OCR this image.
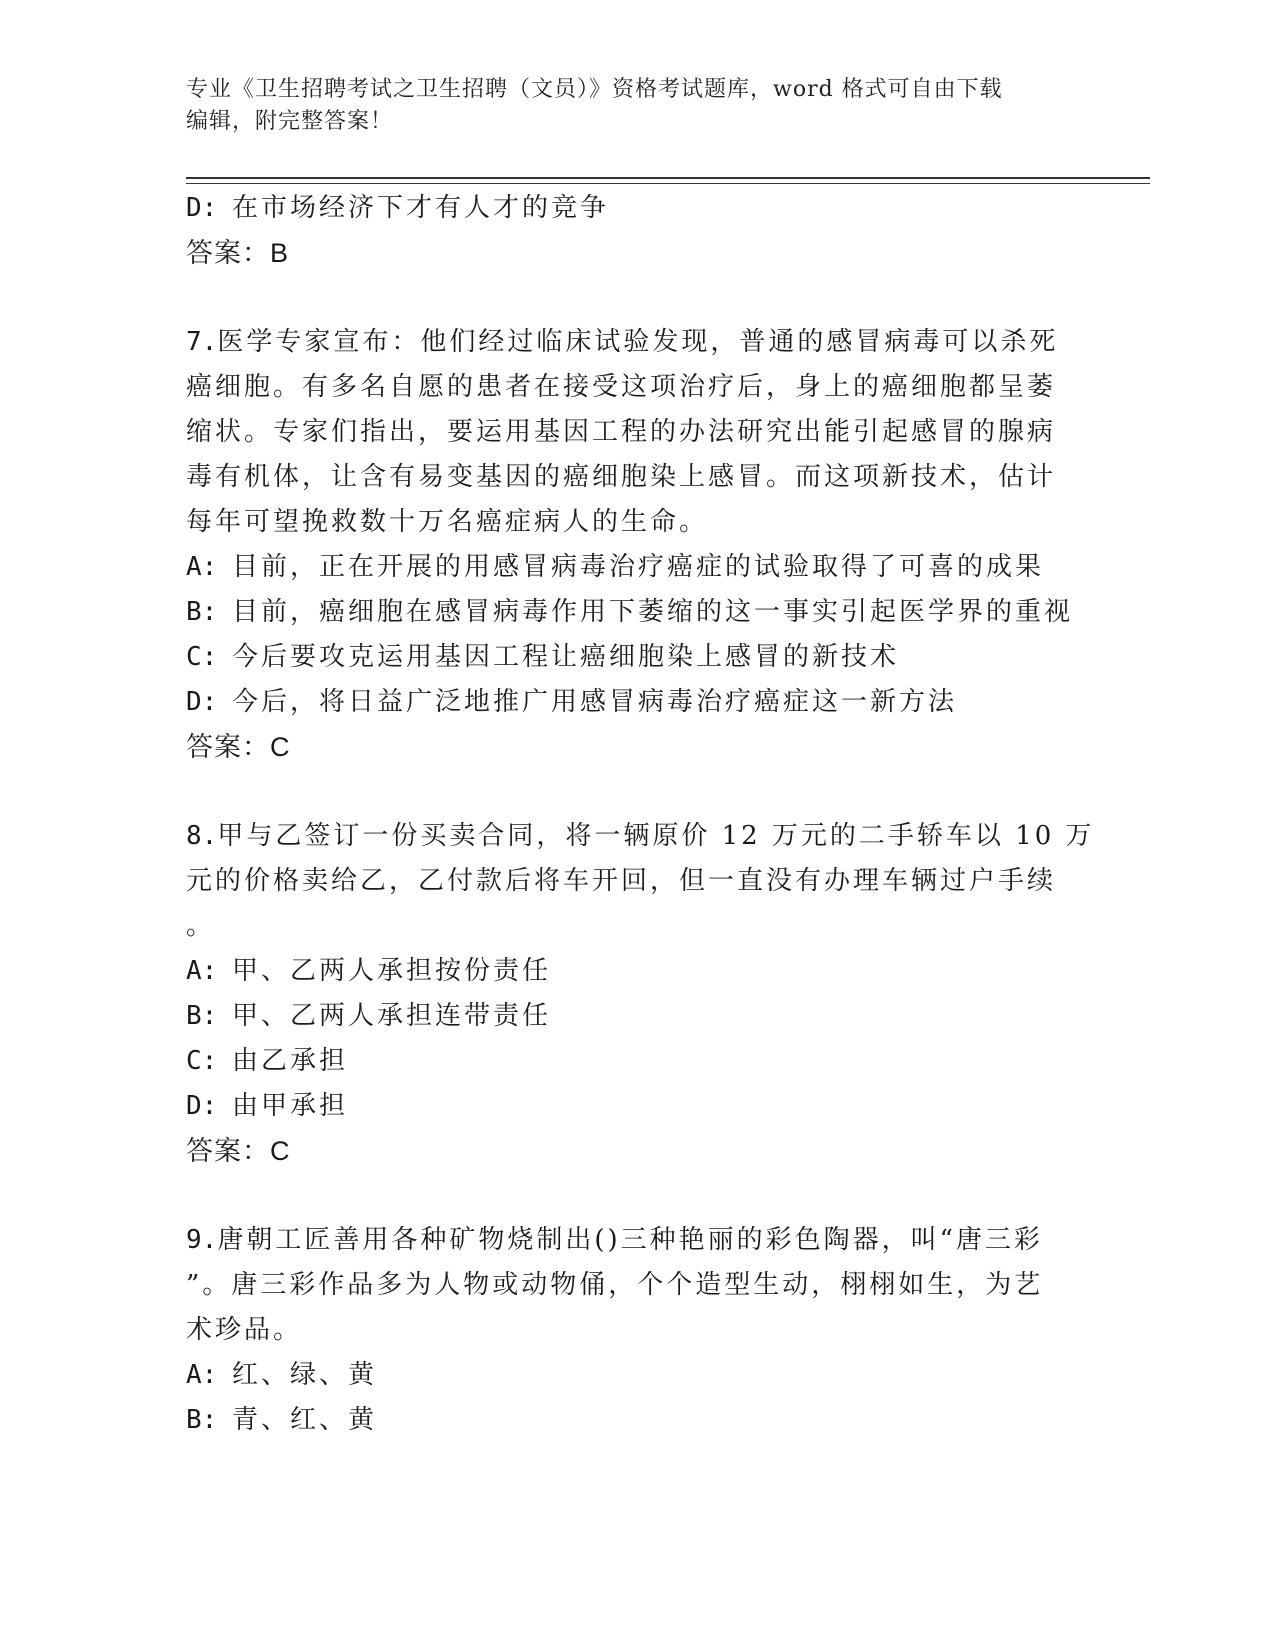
专业《卫生招聘考试之卫生招聘（文员）》资格考试题库，word 格式可自由下载
编辑，附完整答案！
D: 在市场经济下才有人才的竞争
答案：B
7.医学专家宣布：他们经过临床试验发现，普通的感冒病毒可以杀死
癌细胞。有多名自愿的患者在接受这项治疗后，身上的癌细胞都呈萎
缩状。专家们指出，要运用基因工程的办法研究出能引起感冒的腺病
毒有机体，让含有易变基因的癌细胞染上感冒。而这项新技术，估计
每年可望挽救数十万名癌症病人的生命。
A: 目前，正在开展的用感冒病毒治疗癌症的试验取得了可喜的成果
B: 目前，癌细胞在感冒病毒作用下萎缩的这一事实引起医学界的重视
C: 今后要攻克运用基因工程让癌细胞染上感冒的新技术
D: 今后，将日益广泛地推广用感冒病毒治疗癌症这一新方法
答案：C
8.甲与乙签订一份买卖合同，将一辆原价 12 万元的二手轿车以 10 万
元的价格卖给乙，乙付款后将车开回，但一直没有办理车辆过户手续
。
A: 甲、乙两人承担按份责任
B: 甲、乙两人承担连带责任
C: 由乙承担
D: 由甲承担
答案：C
9.唐朝工匠善用各种矿物烧制出()三种艳丽的彩色陶器，叫“唐三彩
”。唐三彩作品多为人物或动物俑，个个造型生动，栩栩如生，为艺
术珍品。
A: 红、绿、黄
B: 青、红、黄
